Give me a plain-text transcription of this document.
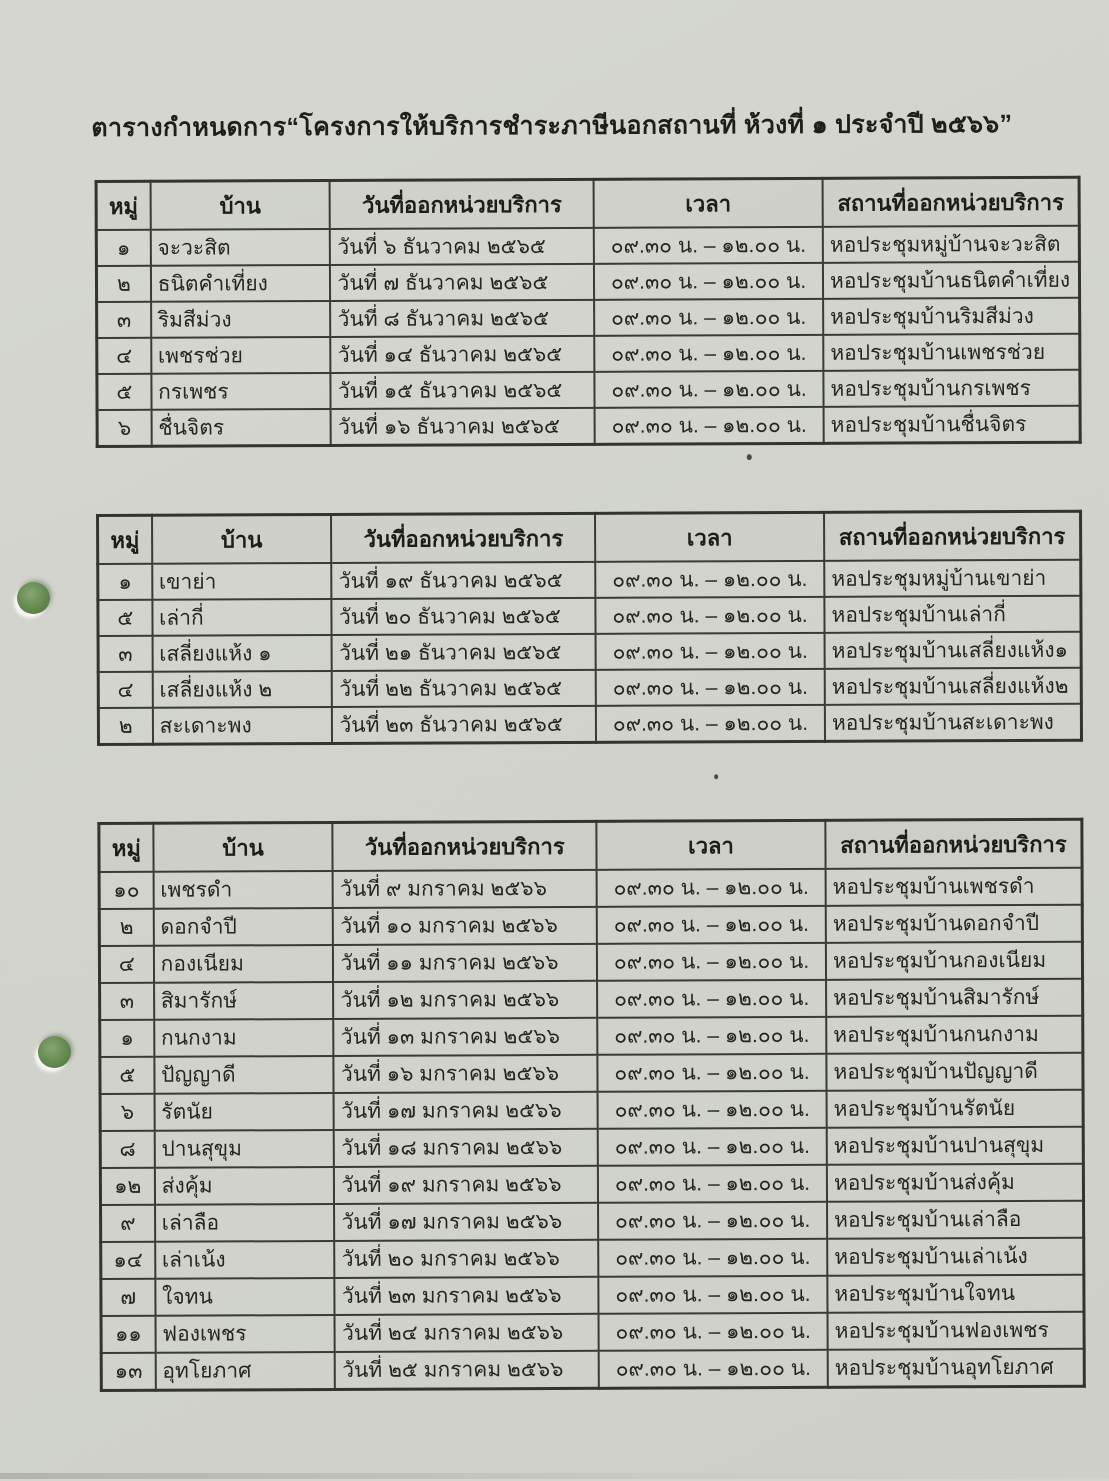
ตารางกำหนดการ“โครงการให้บริการชำระภาษีนอกสถานที่ ห้วงที่ ๑ ประจำปี ๒๕๖๖”
หมู่	บ้าน	วันที่ออกหน่วยบริการ	เวลา	สถานที่ออกหน่วยบริการ
๑	จะวะสิต	วันที่ ๖ ธันวาคม ๒๕๖๕	๐๙.๓๐ น. – ๑๒.๐๐ น.	หอประชุมหมู่บ้านจะวะสิต
๒	ธนิตคำเที่ยง	วันที่ ๗ ธันวาคม ๒๕๖๕	๐๙.๓๐ น. – ๑๒.๐๐ น.	หอประชุมบ้านธนิตคำเที่ยง
๓	ริมสีม่วง	วันที่ ๘ ธันวาคม ๒๕๖๕	๐๙.๓๐ น. – ๑๒.๐๐ น.	หอประชุมบ้านริมสีม่วง
๔	เพชรช่วย	วันที่ ๑๔ ธันวาคม ๒๕๖๕	๐๙.๓๐ น. – ๑๒.๐๐ น.	หอประชุมบ้านเพชรช่วย
๕	กรเพชร	วันที่ ๑๕ ธันวาคม ๒๕๖๕	๐๙.๓๐ น. – ๑๒.๐๐ น.	หอประชุมบ้านกรเพชร
๖	ชื่นจิตร	วันที่ ๑๖ ธันวาคม ๒๕๖๕	๐๙.๓๐ น. – ๑๒.๐๐ น.	หอประชุมบ้านชื่นจิตร
หมู่	บ้าน	วันที่ออกหน่วยบริการ	เวลา	สถานที่ออกหน่วยบริการ
๑	เขาย่า	วันที่ ๑๙ ธันวาคม ๒๕๖๕	๐๙.๓๐ น. – ๑๒.๐๐ น.	หอประชุมหมู่บ้านเขาย่า
๕	เล่ากี่	วันที่ ๒๐ ธันวาคม ๒๕๖๕	๐๙.๓๐ น. – ๑๒.๐๐ น.	หอประชุมบ้านเล่ากี่
๓	เสลี่ยงแห้ง ๑	วันที่ ๒๑ ธันวาคม ๒๕๖๕	๐๙.๓๐ น. – ๑๒.๐๐ น.	หอประชุมบ้านเสลี่ยงแห้ง๑
๔	เสลี่ยงแห้ง ๒	วันที่ ๒๒ ธันวาคม ๒๕๖๕	๐๙.๓๐ น. – ๑๒.๐๐ น.	หอประชุมบ้านเสลี่ยงแห้ง๒
๒	สะเดาะพง	วันที่ ๒๓ ธันวาคม ๒๕๖๕	๐๙.๓๐ น. – ๑๒.๐๐ น.	หอประชุมบ้านสะเดาะพง
หมู่	บ้าน	วันที่ออกหน่วยบริการ	เวลา	สถานที่ออกหน่วยบริการ
๑๐	เพชรดำ	วันที่ ๙ มกราคม ๒๕๖๖	๐๙.๓๐ น. – ๑๒.๐๐ น.	หอประชุมบ้านเพชรดำ
๒	ดอกจำปี	วันที่ ๑๐ มกราคม ๒๕๖๖	๐๙.๓๐ น. – ๑๒.๐๐ น.	หอประชุมบ้านดอกจำปี
๔	กองเนียม	วันที่ ๑๑ มกราคม ๒๕๖๖	๐๙.๓๐ น. – ๑๒.๐๐ น.	หอประชุมบ้านกองเนียม
๓	สิมารักษ์	วันที่ ๑๒ มกราคม ๒๕๖๖	๐๙.๓๐ น. – ๑๒.๐๐ น.	หอประชุมบ้านสิมารักษ์
๑	กนกงาม	วันที่ ๑๓ มกราคม ๒๕๖๖	๐๙.๓๐ น. – ๑๒.๐๐ น.	หอประชุมบ้านกนกงาม
๕	ปัญญาดี	วันที่ ๑๖ มกราคม ๒๕๖๖	๐๙.๓๐ น. – ๑๒.๐๐ น.	หอประชุมบ้านปัญญาดี
๖	รัตนัย	วันที่ ๑๗ มกราคม ๒๕๖๖	๐๙.๓๐ น. – ๑๒.๐๐ น.	หอประชุมบ้านรัตนัย
๘	ปานสุขุม	วันที่ ๑๘ มกราคม ๒๕๖๖	๐๙.๓๐ น. – ๑๒.๐๐ น.	หอประชุมบ้านปานสุขุม
๑๒	ส่งคุ้ม	วันที่ ๑๙ มกราคม ๒๕๖๖	๐๙.๓๐ น. – ๑๒.๐๐ น.	หอประชุมบ้านส่งคุ้ม
๙	เล่าลือ	วันที่ ๑๗ มกราคม ๒๕๖๖	๐๙.๓๐ น. – ๑๒.๐๐ น.	หอประชุมบ้านเล่าลือ
๑๔	เล่าเน้ง	วันที่ ๒๐ มกราคม ๒๕๖๖	๐๙.๓๐ น. – ๑๒.๐๐ น.	หอประชุมบ้านเล่าเน้ง
๗	ใจทน	วันที่ ๒๓ มกราคม ๒๕๖๖	๐๙.๓๐ น. – ๑๒.๐๐ น.	หอประชุมบ้านใจทน
๑๑	ฟองเพชร	วันที่ ๒๔ มกราคม ๒๕๖๖	๐๙.๓๐ น. – ๑๒.๐๐ น.	หอประชุมบ้านฟองเพชร
๑๓	อุทโยภาศ	วันที่ ๒๕ มกราคม ๒๕๖๖	๐๙.๓๐ น. – ๑๒.๐๐ น.	หอประชุมบ้านอุทโยภาศ
